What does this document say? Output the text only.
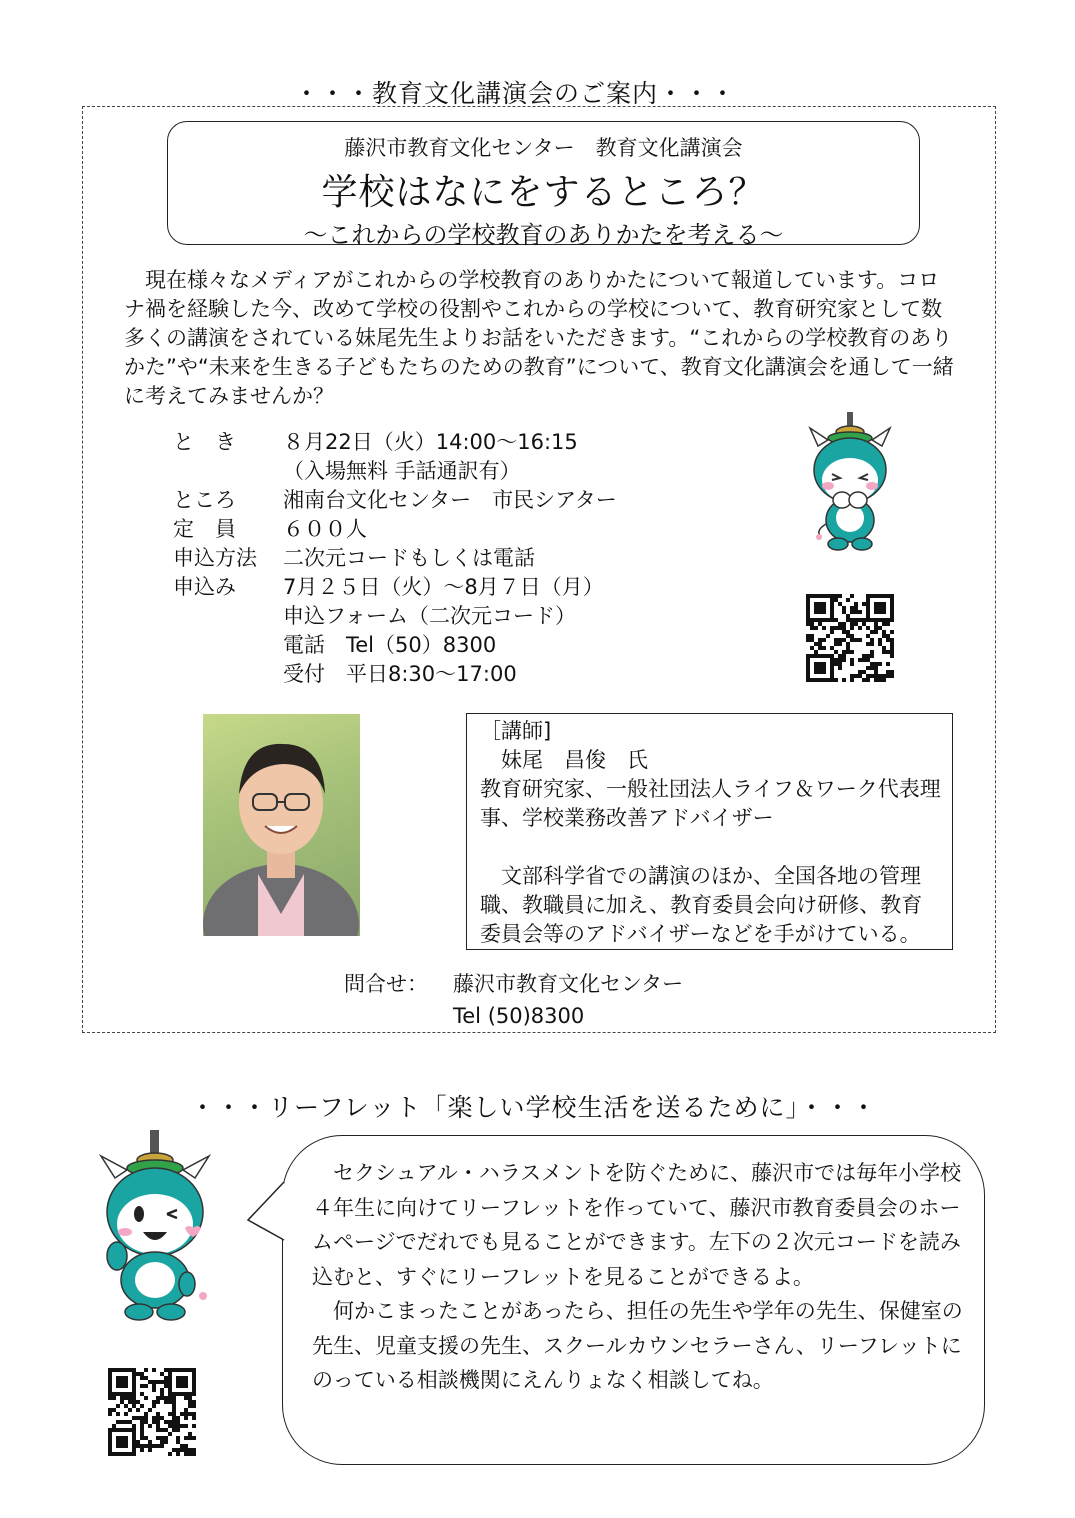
・・・教育文化講演会のご案内・・・
藤沢市教育文化センター　教育文化講演会
学校はなにをするところ？
～これからの学校教育のありかたを考える～

現在様々なメディアがこれからの学校教育のありかたについて報道しています。コロナ禍を経験した今、改めて学校の役割やこれからの学校について、教育研究家として数多くの講演をされている妹尾先生よりお話をいただきます。“これからの学校教育のありかた”や“未来を生きる子どもたちのための教育”について、教育文化講演会を通して一緒に考えてみませんか？

と　き ８月22日（火）14:00～16:15
（入場無料 手話通訳有）
ところ 湘南台文化センター　市民シアター
定　員 ６００人
申込方法 二次元コードもしくは電話
申込み 7月２５日（火）～8月７日（月）
申込フォーム（二次元コード）
電話　Tel（50）8300
受付　平日8:30～17:00

［講師]

　妹尾　昌俊　氏

教育研究家、一般社団法人ライフ＆ワーク代表理事、学校業務改善アドバイザー

文部科学省での講演のほか、全国各地の管理職、教職員に加え、教育委員会向け研修、教育委員会等のアドバイザーなどを手がけている。

問合せ： 藤沢市教育文化センター
Tel (50)8300
・・・リーフレット「楽しい学校生活を送るために」・・・

セクシュアル・ハラスメントを防ぐために、藤沢市では毎年小学校４年生に向けてリーフレットを作っていて、藤沢市教育委員会のホームページでだれでも見ることができます。左下の２次元コードを読み込むと、すぐにリーフレットを見ることができるよ。

何かこまったことがあったら、担任の先生や学年の先生、保健室の先生、児童支援の先生、スクールカウンセラーさん、リーフレットにのっている相談機関にえんりょなく相談してね。
